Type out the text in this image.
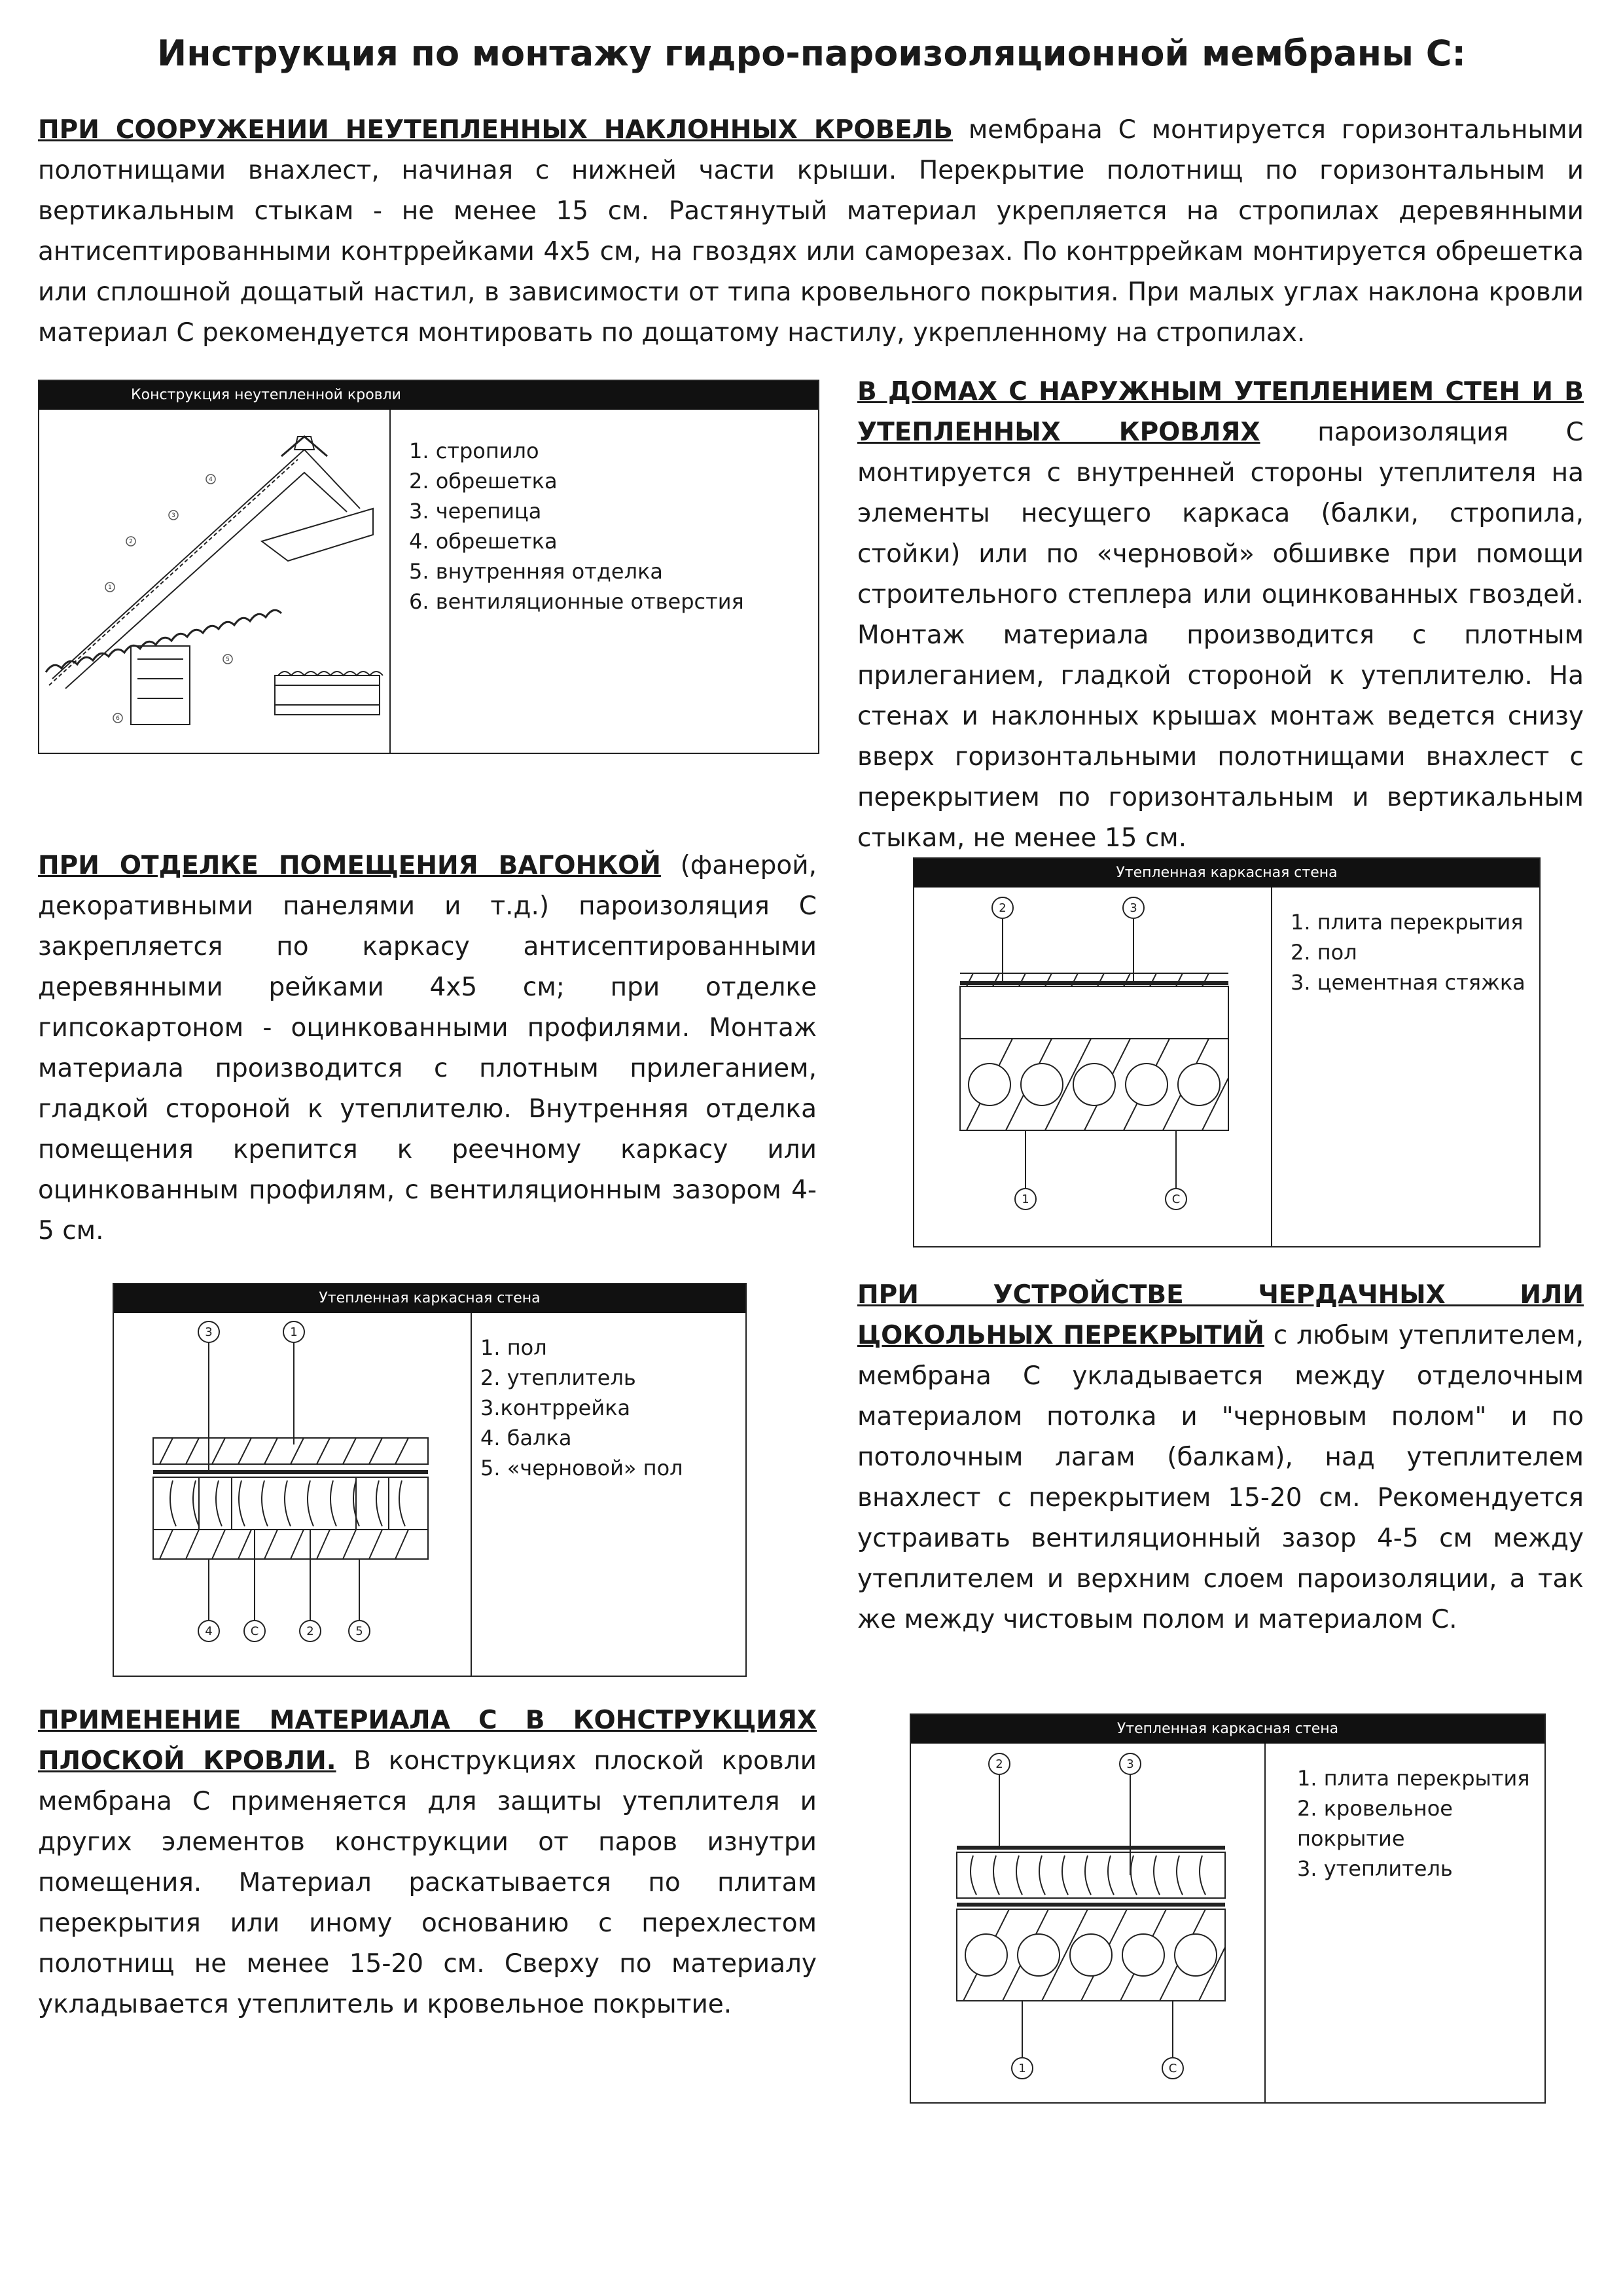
Инструкция по монтажу гидро-пароизоляционной мембраны С:
ПРИ СООРУЖЕНИИ НЕУТЕПЛЕННЫХ НАКЛОННЫХ КРОВЕЛЬ мембрана С монтируется горизонтальными полотнищами внахлест, начиная с нижней части крыши. Перекрытие полотнищ по горизонтальным и вертикальным стыкам - не менее 15 см. Растянутый материал укрепляется на стропилах деревянными антисептированными контррейками 4х5 см, на гвоздях или саморезах. По контррейкам монтируется обрешетка или сплошной дощатый настил, в зависимости от типа кровельного покрытия. При малых углах наклона кровли материал С рекомендуется монтировать по дощатому настилу, укрепленному на стропилах.
Конструкция неутепленной кровли
1
2
3
4
5
6
1. стропило
2. обрешетка
3. черепица
4. обрешетка
5. внутренняя отделка
6. вентиляционные отверстия
В ДОМАХ С НАРУЖНЫМ УТЕПЛЕНИЕМ СТЕН И В УТЕПЛЕННЫХ КРОВЛЯХ пароизоляция С монтируется с внутренней стороны утеплителя на элементы несущего каркаса (балки, стропила, стойки) или по «черновой» обшивке при помощи строительного степлера или оцинкованных гвоздей. Монтаж материала производится с плотным прилеганием, гладкой стороной к утеплителю. На стенах и наклонных крышах монтаж ведется снизу вверх горизонтальными полотнищами внахлест с перекрытием по горизонтальным и вертикальным стыкам, не менее 15 см.
ПРИ ОТДЕЛКЕ ПОМЕЩЕНИЯ ВАГОНКОЙ (фанерой, декоративными панелями и т.д.) пароизоляция С закрепляется по каркасу антисептированными деревянными рейками 4х5 см; при отделке гипсокартоном - оцинкованными профилями. Монтаж материала производится с плотным прилеганием, гладкой стороной к утеплителю. Внутренняя отделка помещения крепится к реечному каркасу или оцинкованным профилям, с вентиляционным зазором 4-5 см.
Утепленная каркасная стена
2	3
1	C
1. плита перекрытия
2. пол
3. цементная стяжка
Утепленная каркасная стена
3	1
4	C	2	5
1. пол
2. утеплитель
3.контррейка
4. балка
5. «черновой» пол
ПРИ УСТРОЙСТВЕ ЧЕРДАЧНЫХ ИЛИ ЦОКОЛЬНЫХ ПЕРЕКРЫТИЙ с любым утеплителем, мембрана С укладывается между отделочным материалом потолка и "черновым полом" и по потолочным лагам (балкам), над утеплителем внахлест с перекрытием 15-20 см. Рекомендуется устраивать вентиляционный зазор 4-5 см между утеплителем и верхним слоем пароизоляции, а так же между чистовым полом и материалом С.
ПРИМЕНЕНИЕ МАТЕРИАЛА С В КОНСТРУКЦИЯХ ПЛОСКОЙ КРОВЛИ. В конструкциях плоской кровли мембрана С применяется для защиты утеплителя и других элементов конструкции от паров изнутри помещения. Материал раскатывается по плитам перекрытия или иному основанию с перехлестом полотнищ не менее 15-20 см. Сверху по материалу укладывается утеплитель и кровельное покрытие.
Утепленная каркасная стена
2	3
1	C
1. плита перекрытия
2. кровельное покрытие
3. утеплитель
